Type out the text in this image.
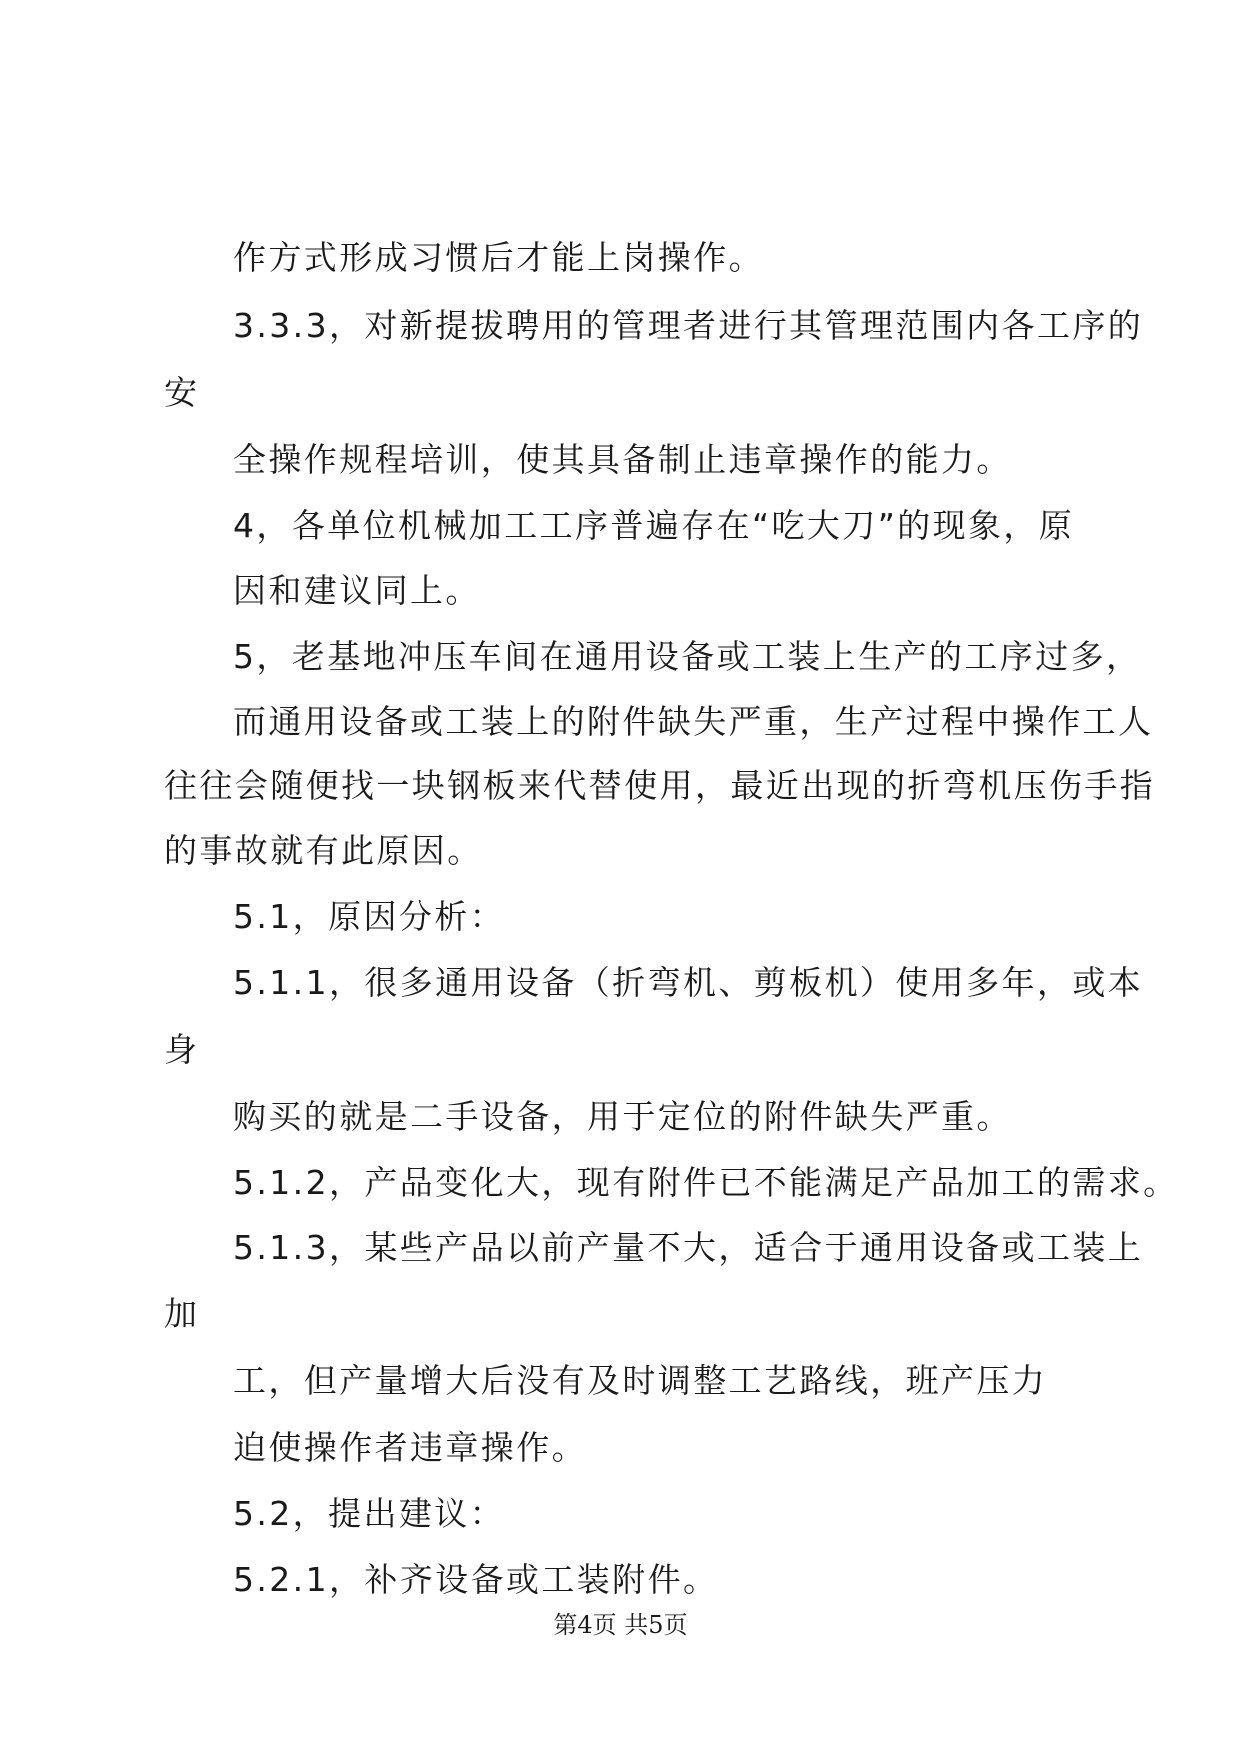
作方式形成习惯后才能上岗操作。
3.3.3，对新提拔聘用的管理者进行其管理范围内各工序的
安
全操作规程培训，使其具备制止违章操作的能力。
4，各单位机械加工工序普遍存在“吃大刀”的现象，原
因和建议同上。
5，老基地冲压车间在通用设备或工装上生产的工序过多，
而通用设备或工装上的附件缺失严重，生产过程中操作工人
往往会随便找一块钢板来代替使用，最近出现的折弯机压伤手指
的事故就有此原因。
5.1，原因分析：
5.1.1，很多通用设备（折弯机、剪板机）使用多年，或本
身
购买的就是二手设备，用于定位的附件缺失严重。
5.1.2，产品变化大，现有附件已不能满足产品加工的需求。
5.1.3，某些产品以前产量不大，适合于通用设备或工装上
加
工，但产量增大后没有及时调整工艺路线，班产压力
迫使操作者违章操作。
5.2，提出建议：
5.2.1，补齐设备或工装附件。
第4页 共5页
